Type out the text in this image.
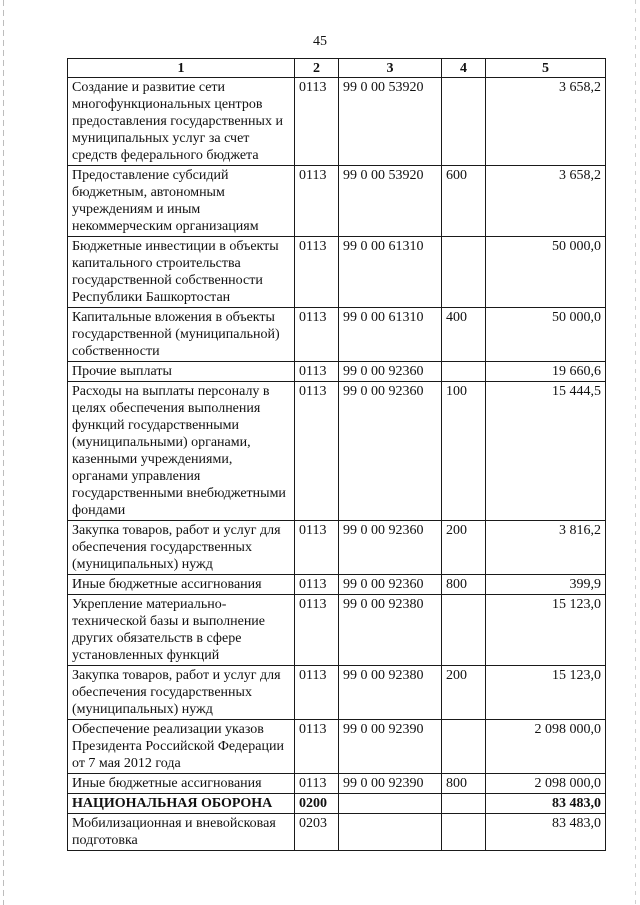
45
1	2	3	4	5
Создание и развитие сети многофункциональных центров предоставления государственных и муниципальных услуг за счет средств федерального бюджета	0113	99 0 00 53920		3 658,2
Предоставление субсидий бюджетным, автономным учреждениям и иным некоммерческим организациям	0113	99 0 00 53920	600	3 658,2
Бюджетные инвестиции в объекты капитального строительства государственной собственности Республики Башкортостан	0113	99 0 00 61310		50 000,0
Капитальные вложения в объекты государственной (муниципальной) собственности	0113	99 0 00 61310	400	50 000,0
Прочие выплаты	0113	99 0 00 92360		19 660,6
Расходы на выплаты персоналу в целях обеспечения выполнения функций государственными (муниципальными) органами, казенными учреждениями, органами управления государственными внебюджетными фондами	0113	99 0 00 92360	100	15 444,5
Закупка товаров, работ и услуг для обеспечения государственных (муниципальных) нужд	0113	99 0 00 92360	200	3 816,2
Иные бюджетные ассигнования	0113	99 0 00 92360	800	399,9
Укрепление материально-технической базы и выполнение других обязательств в сфере установленных функций	0113	99 0 00 92380		15 123,0
Закупка товаров, работ и услуг для обеспечения государственных (муниципальных) нужд	0113	99 0 00 92380	200	15 123,0
Обеспечение реализации указов Президента Российской Федерации от 7 мая 2012 года	0113	99 0 00 92390		2 098 000,0
Иные бюджетные ассигнования	0113	99 0 00 92390	800	2 098 000,0
НАЦИОНАЛЬНАЯ ОБОРОНА	0200			83 483,0
Мобилизационная и вневойсковая подготовка	0203			83 483,0
